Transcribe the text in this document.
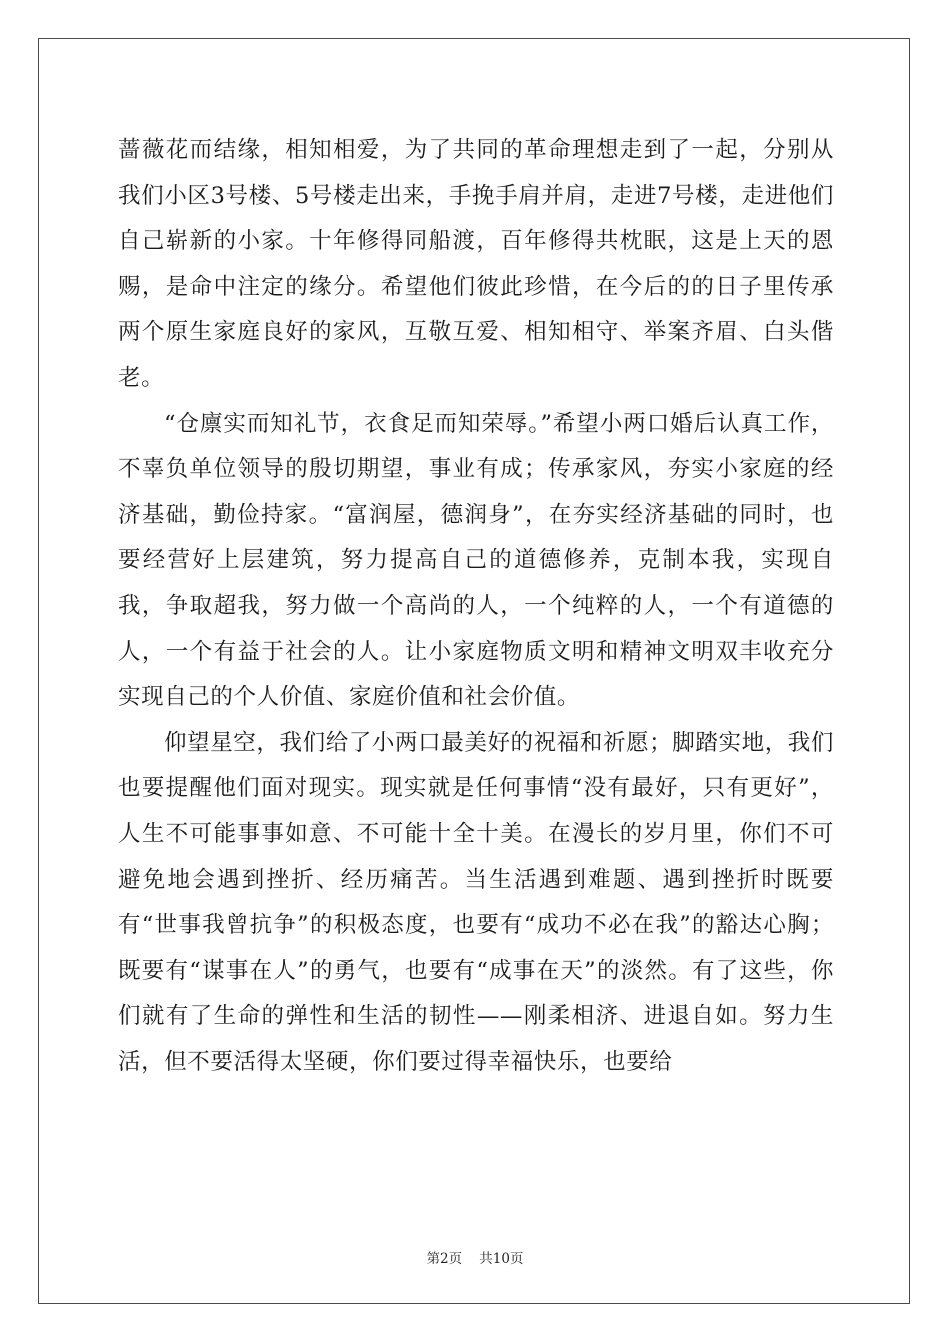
蔷薇花而结缘，相知相爱，为了共同的革命理想走到了一起，分别从我们小区3号楼、5号楼走出来，手挽手肩并肩，走进7号楼，走进他们自己崭新的小家。十年修得同船渡，百年修得共枕眠，这是上天的恩赐，是命中注定的缘分。希望他们彼此珍惜，在今后的的日子里传承两个原生家庭良好的家风，互敬互爱、相知相守、举案齐眉、白头偕老。

“仓廪实而知礼节，衣食足而知荣辱。”希望小两口婚后认真工作，不辜负单位领导的殷切期望，事业有成；传承家风，夯实小家庭的经济基础，勤俭持家。“富润屋，德润身”，在夯实经济基础的同时，也要经营好上层建筑，努力提高自己的道德修养，克制本我，实现自我，争取超我，努力做一个高尚的人，一个纯粹的人，一个有道德的人，一个有益于社会的人。让小家庭物质文明和精神文明双丰收充分实现自己的个人价值、家庭价值和社会价值。

仰望星空，我们给了小两口最美好的祝福和祈愿；脚踏实地，我们也要提醒他们面对现实。现实就是任何事情“没有最好，只有更好”，人生不可能事事如意、不可能十全十美。在漫长的岁月里，你们不可避免地会遇到挫折、经历痛苦。当生活遇到难题、遇到挫折时既要有“世事我曾抗争”的积极态度，也要有“成功不必在我”的豁达心胸；既要有“谋事在人”的勇气，也要有“成事在天”的淡然。有了这些，你们就有了生命的弹性和生活的韧性——刚柔相济、进退自如。努力生活，但不要活得太坚硬，你们要过得幸福快乐，也要给

第2页 共10页
